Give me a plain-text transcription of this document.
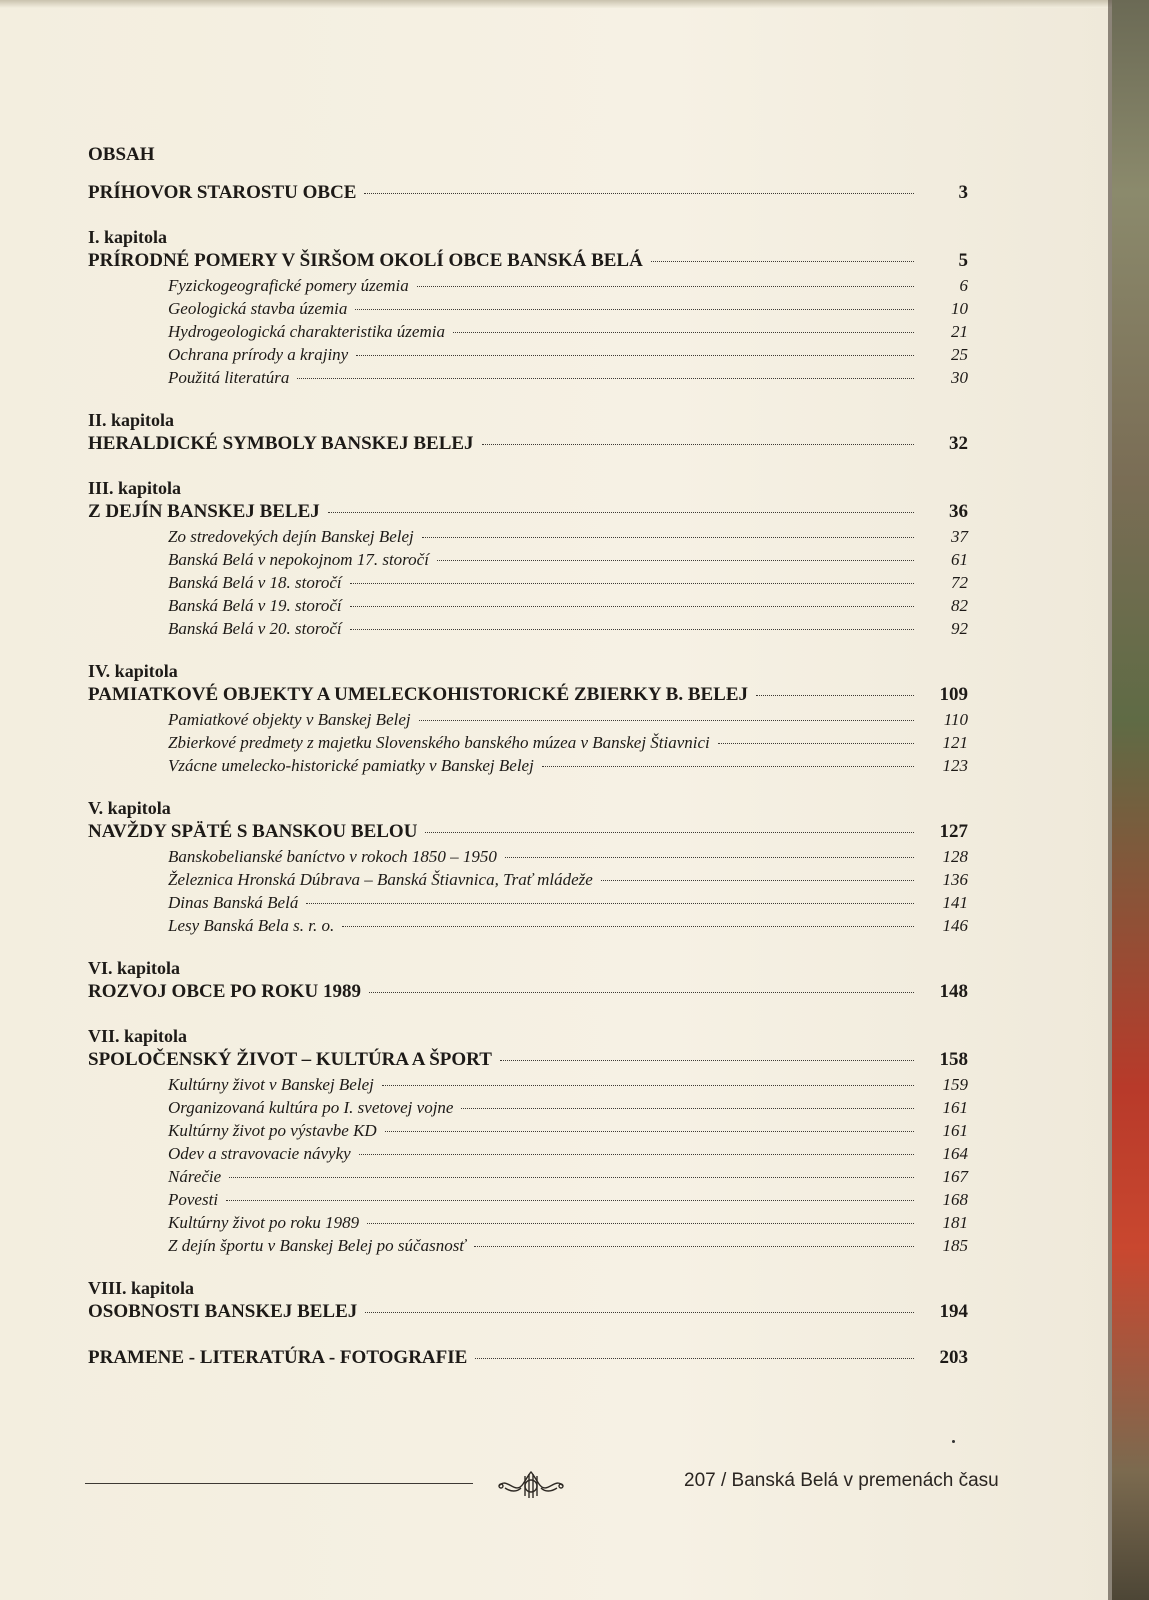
OBSAH
PRÍHOVOR STAROSTU OBCE	3
I. kapitola
PRÍRODNÉ POMERY V ŠIRŠOM OKOLÍ OBCE BANSKÁ BELÁ	5
Fyzickogeografické pomery územia	6
Geologická stavba územia	10
Hydrogeologická charakteristika územia	21
Ochrana prírody a krajiny	25
Použitá literatúra	30
II. kapitola
HERALDICKÉ SYMBOLY BANSKEJ BELEJ	32
III. kapitola
Z DEJÍN BANSKEJ BELEJ	36
Zo stredovekých dejín Banskej Belej	37
Banská Belá v nepokojnom 17. storočí	61
Banská Belá v 18. storočí	72
Banská Belá v 19. storočí	82
Banská Belá v 20. storočí	92
IV. kapitola
PAMIATKOVÉ OBJEKTY A UMELECKOHISTORICKÉ ZBIERKY B. BELEJ	109
Pamiatkové objekty v Banskej Belej	110
Zbierkové predmety z majetku Slovenského banského múzea v Banskej Štiavnici	121
Vzácne umelecko-historické pamiatky v Banskej Belej	123
V. kapitola
NAVŽDY SPÄTÉ S BANSKOU BELOU	127
Banskobelianské baníctvo v rokoch 1850 – 1950	128
Železnica Hronská Dúbrava – Banská Štiavnica, Trať mládeže	136
Dinas Banská Belá	141
Lesy Banská Bela s. r. o.	146
VI. kapitola
ROZVOJ OBCE PO ROKU 1989	148
VII. kapitola
SPOLOČENSKÝ ŽIVOT – KULTÚRA A ŠPORT	158
Kultúrny život v Banskej Belej	159
Organizovaná kultúra po I. svetovej vojne	161
Kultúrny život po výstavbe KD	161
Odev a stravovacie návyky	164
Nárečie	167
Povesti	168
Kultúrny život po roku 1989	181
Z dejín športu v Banskej Belej po súčasnosť	185
VIII. kapitola
OSOBNOSTI BANSKEJ BELEJ	194
PRAMENE - LITERATÚRA - FOTOGRAFIE	203
207 / Banská Belá v premenách času
